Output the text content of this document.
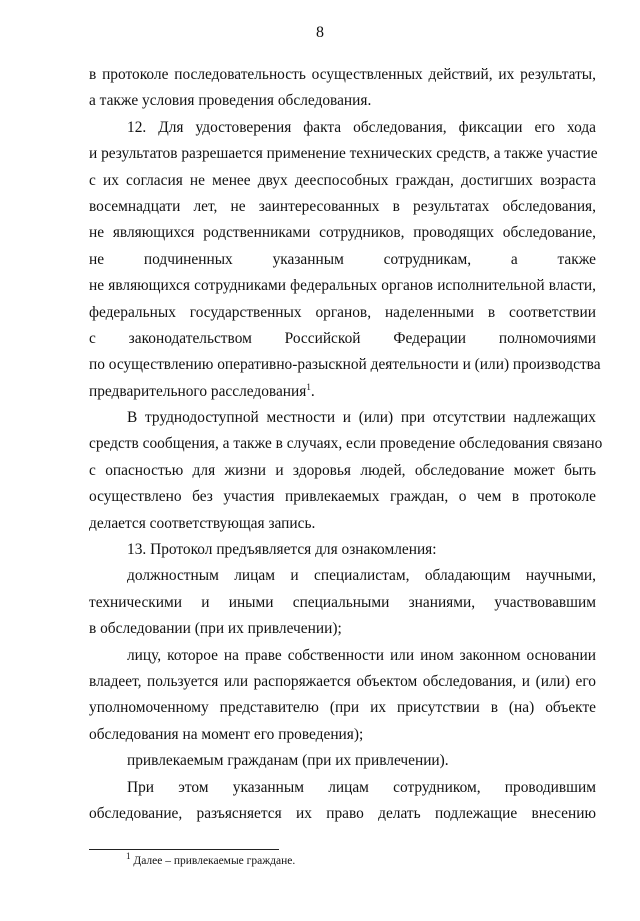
8

в протоколе последовательность осуществленных действий, их результаты,
а также условия проведения обследования.

12. Для удостоверения факта обследования, фиксации его хода
и результатов разрешается применение технических средств, а также участие
с их согласия не менее двух дееспособных граждан, достигших возраста
восемнадцати лет, не заинтересованных в результатах обследования,
не являющихся родственниками сотрудников, проводящих обследование,
не подчиненных указанным сотрудникам, а также
не являющихся сотрудниками федеральных органов исполнительной власти,
федеральных государственных органов, наделенными в соответствии
с законодательством Российской Федерации полномочиями
по осуществлению оперативно-разыскной деятельности и (или) производства
предварительного расследования$^1$.

В труднодоступной местности и (или) при отсутствии надлежащих
средств сообщения, а также в случаях, если проведение обследования связано
с опасностью для жизни и здоровья людей, обследование может быть
осуществлено без участия привлекаемых граждан, о чем в протоколе
делается соответствующая запись.

13. Протокол предъявляется для ознакомления:

должностным лицам и специалистам, обладающим научными,
техническими и иными специальными знаниями, участвовавшим
в обследовании (при их привлечении);

лицу, которое на праве собственности или ином законном основании
владеет, пользуется или распоряжается объектом обследования, и (или) его
уполномоченному представителю (при их присутствии в (на) объекте
обследования на момент его проведения);

привлекаемым гражданам (при их привлечении).

При этом указанным лицам сотрудником, проводившим
обследование, разъясняется их право делать подлежащие внесению

$^1$ Далее – привлекаемые граждане.
